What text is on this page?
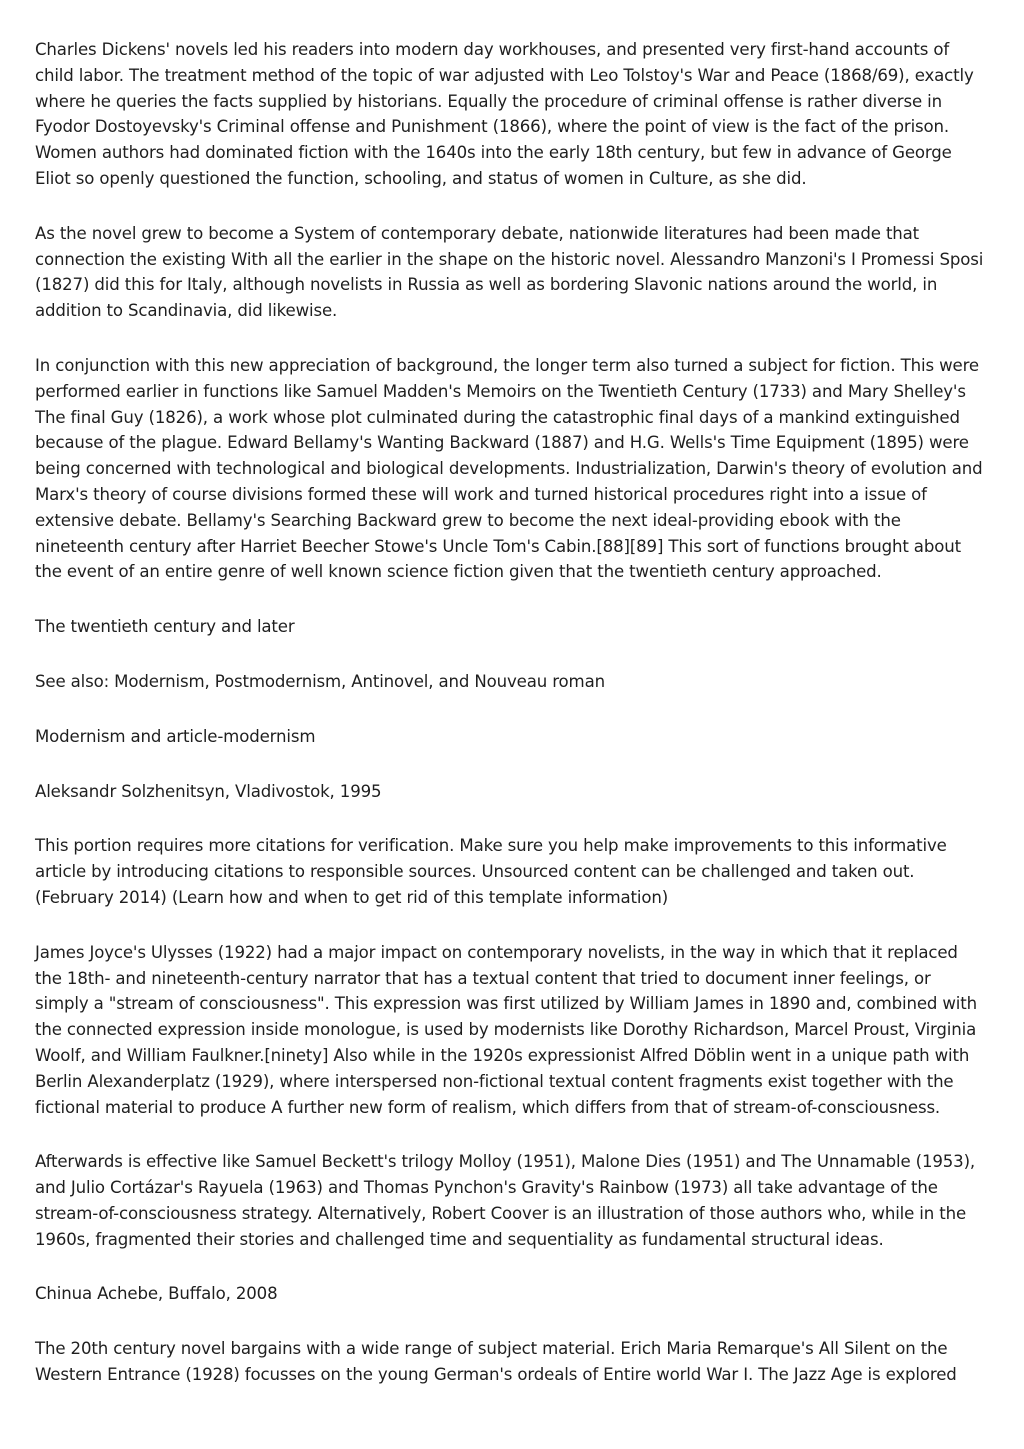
Charles Dickens' novels led his readers into modern day workhouses, and presented very first-hand accounts of child labor. The treatment method of the topic of war adjusted with Leo Tolstoy's War and Peace (1868/69), exactly where he queries the facts supplied by historians. Equally the procedure of criminal offense is rather diverse in Fyodor Dostoyevsky's Criminal offense and Punishment (1866), where the point of view is the fact of the prison. Women authors had dominated fiction with the 1640s into the early 18th century, but few in advance of George Eliot so openly questioned the function, schooling, and status of women in Culture, as she did.

As the novel grew to become a System of contemporary debate, nationwide literatures had been made that connection the existing With all the earlier in the shape on the historic novel. Alessandro Manzoni's I Promessi Sposi (1827) did this for Italy, although novelists in Russia as well as bordering Slavonic nations around the world, in addition to Scandinavia, did likewise.

In conjunction with this new appreciation of background, the longer term also turned a subject for fiction. This were performed earlier in functions like Samuel Madden's Memoirs on the Twentieth Century (1733) and Mary Shelley's The final Guy (1826), a work whose plot culminated during the catastrophic final days of a mankind extinguished because of the plague. Edward Bellamy's Wanting Backward (1887) and H.G. Wells's Time Equipment (1895) were being concerned with technological and biological developments. Industrialization, Darwin's theory of evolution and Marx's theory of course divisions formed these will work and turned historical procedures right into a issue of extensive debate. Bellamy's Searching Backward grew to become the next ideal-providing ebook with the nineteenth century after Harriet Beecher Stowe's Uncle Tom's Cabin.[88][89] This sort of functions brought about the event of an entire genre of well known science fiction given that the twentieth century approached.

The twentieth century and later

See also: Modernism, Postmodernism, Antinovel, and Nouveau roman

Modernism and article-modernism

Aleksandr Solzhenitsyn, Vladivostok, 1995

This portion requires more citations for verification. Make sure you help make improvements to this informative article by introducing citations to responsible sources. Unsourced content can be challenged and taken out. (February 2014) (Learn how and when to get rid of this template information)

James Joyce's Ulysses (1922) had a major impact on contemporary novelists, in the way in which that it replaced the 18th- and nineteenth-century narrator that has a textual content that tried to document inner feelings, or simply a "stream of consciousness". This expression was first utilized by William James in 1890 and, combined with the connected expression inside monologue, is used by modernists like Dorothy Richardson, Marcel Proust, Virginia Woolf, and William Faulkner.[ninety] Also while in the 1920s expressionist Alfred Döblin went in a unique path with Berlin Alexanderplatz (1929), where interspersed non-fictional textual content fragments exist together with the fictional material to produce A further new form of realism, which differs from that of stream-of-consciousness.

Afterwards is effective like Samuel Beckett's trilogy Molloy (1951), Malone Dies (1951) and The Unnamable (1953), and Julio Cortázar's Rayuela (1963) and Thomas Pynchon's Gravity's Rainbow (1973) all take advantage of the stream-of-consciousness strategy. Alternatively, Robert Coover is an illustration of those authors who, while in the 1960s, fragmented their stories and challenged time and sequentiality as fundamental structural ideas.

Chinua Achebe, Buffalo, 2008

The 20th century novel bargains with a wide range of subject material. Erich Maria Remarque's All Silent on the Western Entrance (1928) focusses on the young German's ordeals of Entire world War I. The Jazz Age is explored
